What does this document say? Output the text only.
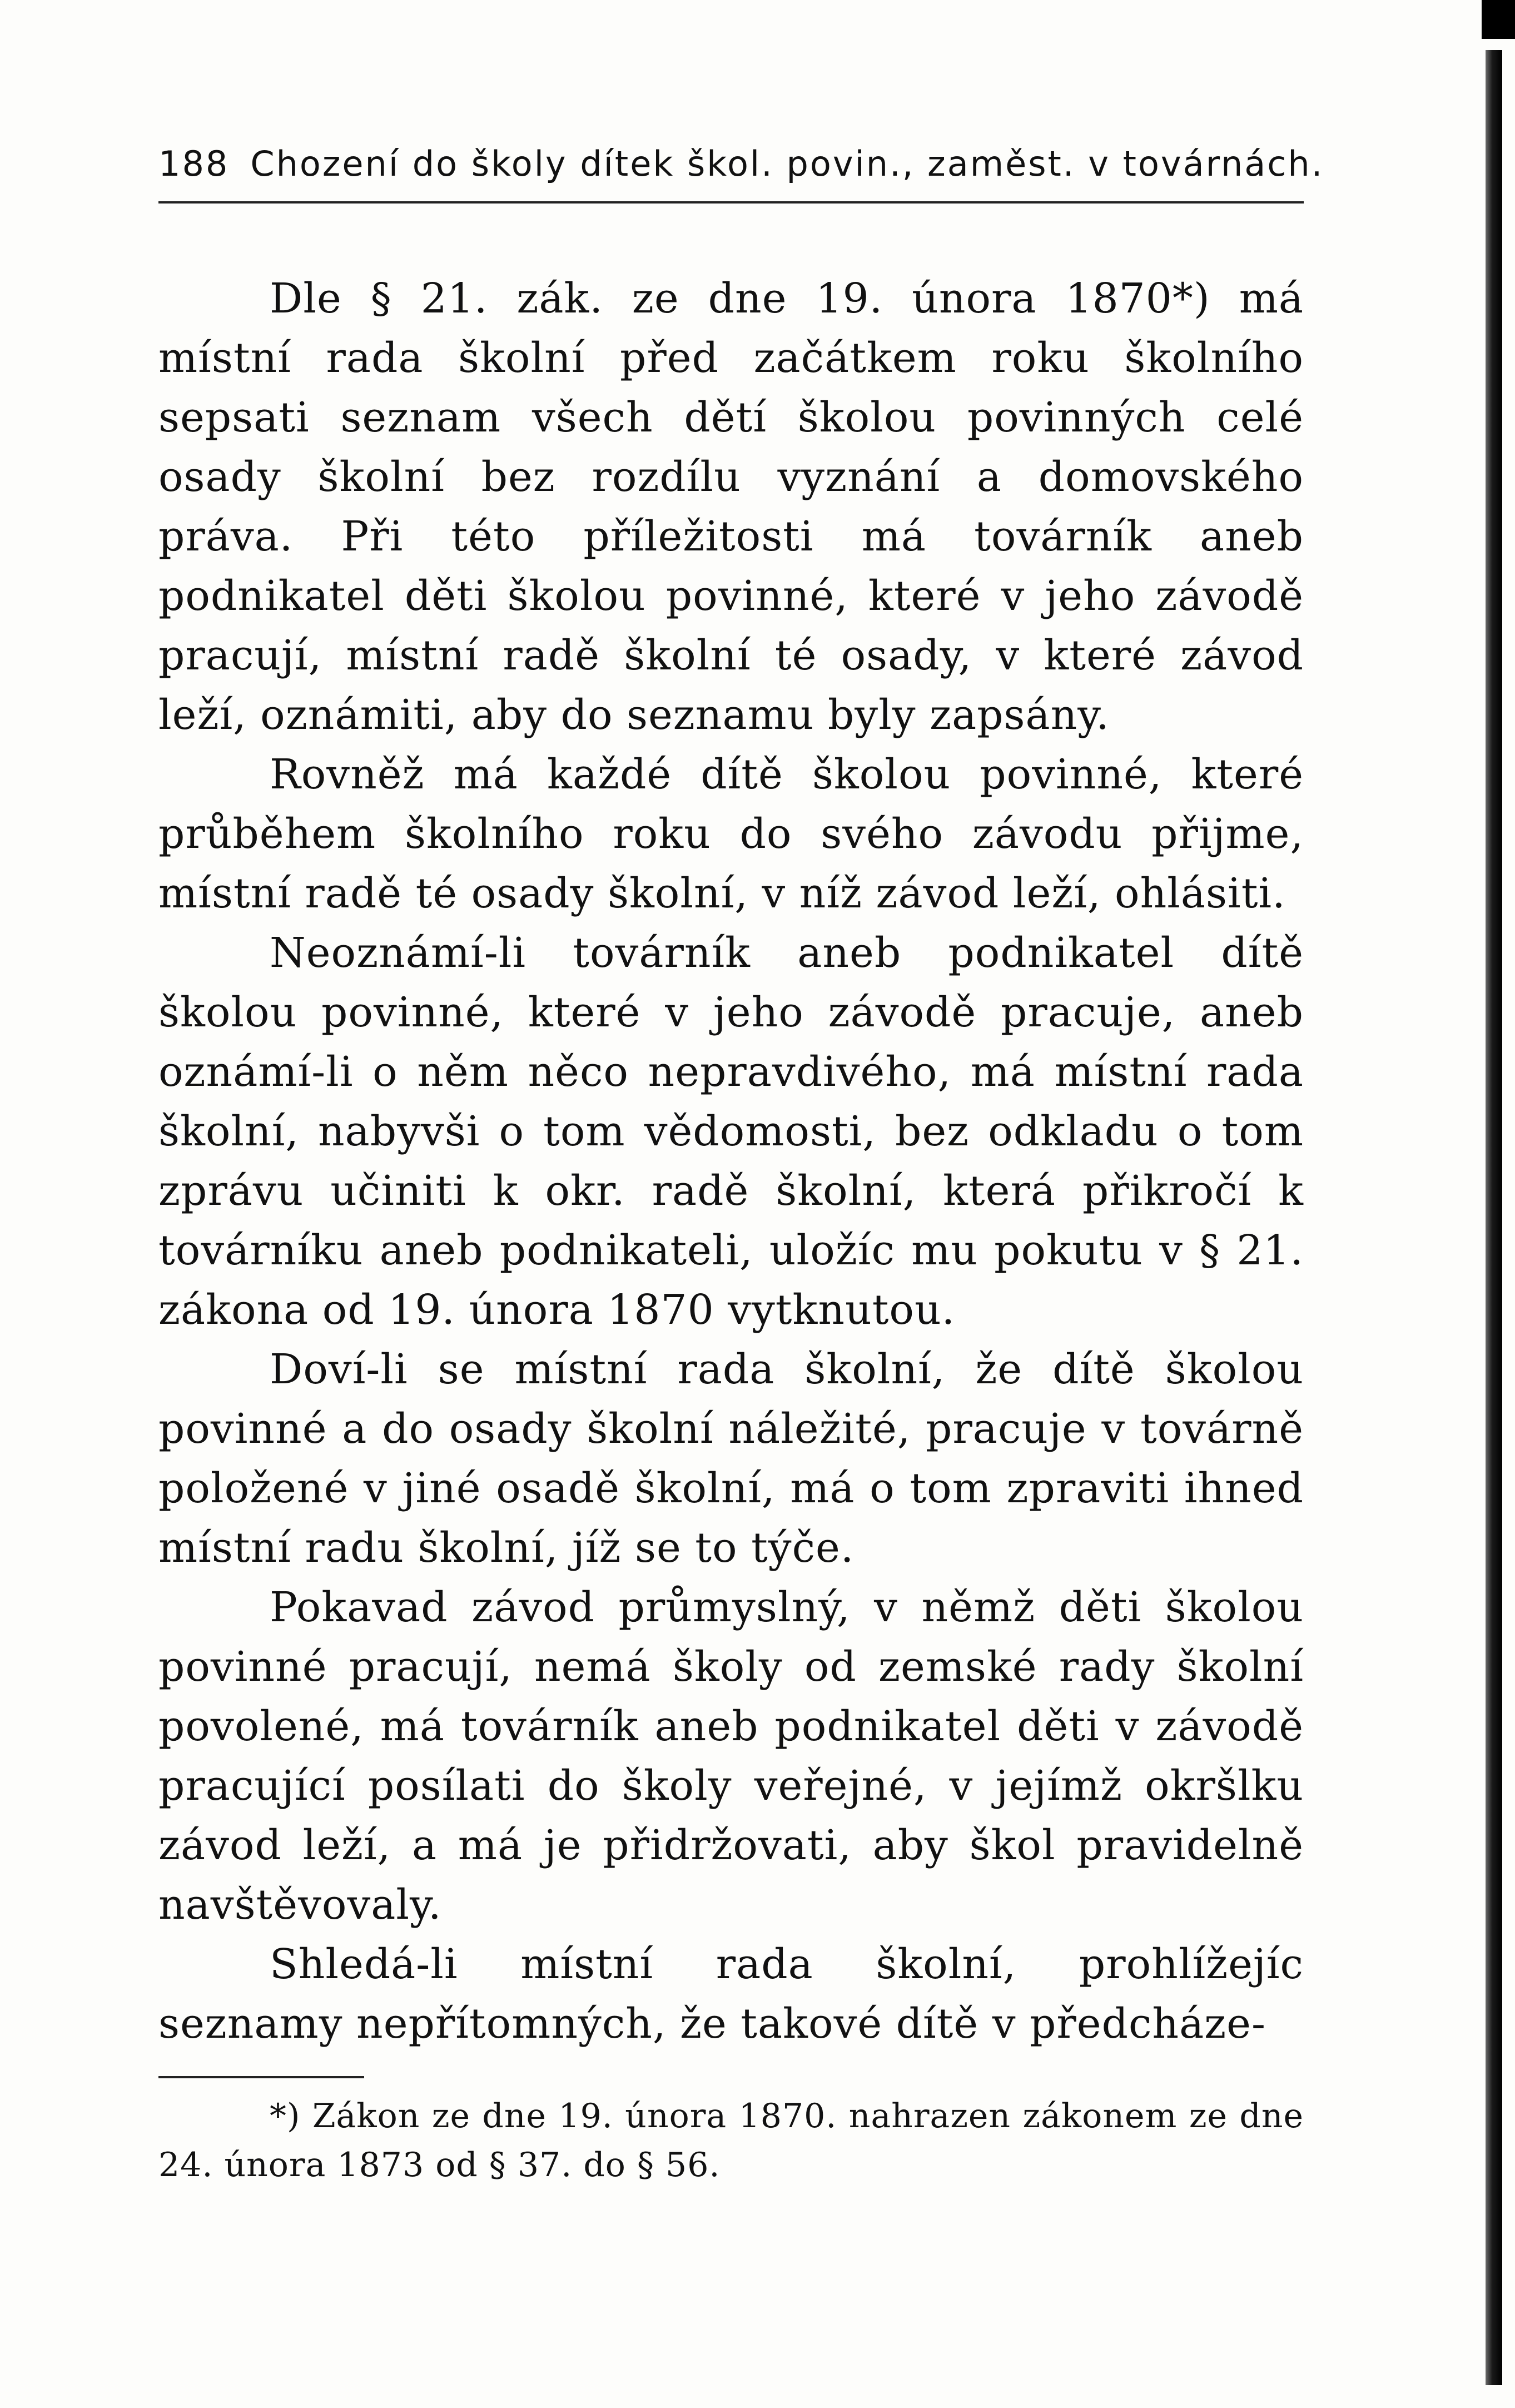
188 Chození do školy dítek škol. povin., zaměst. v továrnách.

Dle § 21. zák. ze dne 19. února 1870*) má místní rada školní před začátkem roku školního sepsati seznam všech dětí školou povinných celé osady školní bez rozdílu vyznání a domovského práva. Při této příležitosti má továrník aneb podnikatel děti školou povinné, které v jeho závodě pracují, místní radě školní té osady, v které závod leží, oznámiti, aby do seznamu byly zapsány.

Rovněž má každé dítě školou povinné, které průběhem školního roku do svého závodu přijme, místní radě té osady školní, v níž závod leží, ohlásiti.

Neoznámí-li továrník aneb podnikatel dítě školou povinné, které v jeho závodě pracuje, aneb oznámí-li o něm něco nepravdivého, má místní rada školní, nabyvši o tom vědomosti, bez odkladu o tom zprávu učiniti k okr. radě školní, která přikročí k továrníku aneb podnikateli, uložíc mu pokutu v § 21. zákona od 19. února 1870 vytknutou.

Doví-li se místní rada školní, že dítě školou povinné a do osady školní náležité, pracuje v továrně položené v jiné osadě školní, má o tom zpraviti ihned místní radu školní, jíž se to týče.

Pokavad závod průmyslný, v němž děti školou povinné pracují, nemá školy od zemské rady školní povolené, má továrník aneb podnikatel děti v závodě pracující posílati do školy veřejné, v jejímž okršlku závod leží, a má je přidržovati, aby škol pravidelně navštěvovaly.

Shledá-li místní rada školní, prohlížejíc seznamy nepřítomných, že takové dítě v předcháze-

*) Zákon ze dne 19. února 1870. nahrazen zákonem ze dne 24. února 1873 od § 37. do § 56.
